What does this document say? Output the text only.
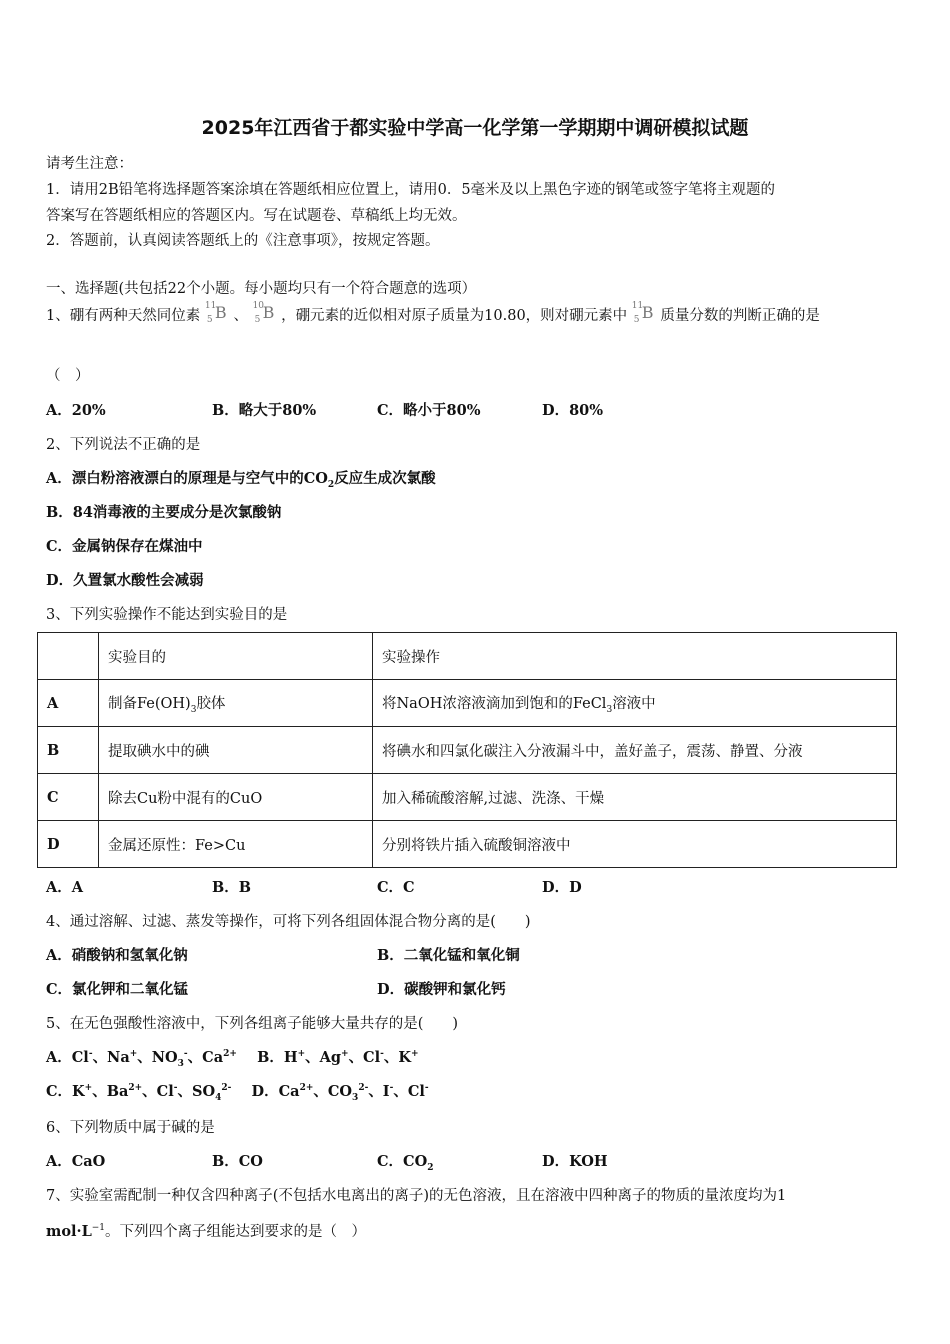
2025年江西省于都实验中学高一化学第一学期期中调研模拟试题
请考生注意：
1．请用2B铅笔将选择题答案涂填在答题纸相应位置上，请用0．5毫米及以上黑色字迹的钢笔或签字笔将主观题的
答案写在答题纸相应的答题区内。写在试题卷、草稿纸上均无效。
2．答题前，认真阅读答题纸上的《注意事项》，按规定答题。
一、选择题(共包括22个小题。每小题均只有一个符合题意的选项）
1、硼有两种天然同位素
11
5 B 、
10
5 B ，硼元素的近似相对原子质量为10.80，则对硼元素中
11
5 B 质量分数的判断正确的是
（　）
A．20%	B．略大于80%	C．略小于80%	D．80%
2、下列说法不正确的是
A．漂白粉溶液漂白的原理是与空气中的$CO_2$反应生成次氯酸
B．84消毒液的主要成分是次氯酸钠
C．金属钠保存在煤油中
D．久置氯水酸性会减弱
3、下列实验操作不能达到实验目的是
	实验目的	实验操作
A	制备$Fe(OH)_3$胶体	将NaOH浓溶液滴加到饱和的FeCl$_3$溶液中
B	提取碘水中的碘	将碘水和四氯化碳注入分液漏斗中，盖好盖子，震荡、静置、分液
C	除去Cu粉中混有的CuO	加入稀硫酸溶解,过滤、洗涤、干燥
D	金属还原性：Fe>Cu	分别将铁片插入硫酸铜溶液中
A．A	B．B	C．C	D．D
4、通过溶解、过滤、蒸发等操作，可将下列各组固体混合物分离的是(　　)
A．硝酸钠和氢氧化钠	B．二氧化锰和氧化铜
C．氯化钾和二氧化锰	D．碳酸钾和氯化钙
5、在无色强酸性溶液中，下列各组离子能够大量共存的是(　　)
A．Cl-、Na+、$NO_3^-$、$Ca^{2+}$    B．H+、Ag+、Cl-、K+
C．K+、$Ba^{2+}$、Cl-、$SO_4^{2-}$    D．$Ca^{2+}$、$CO_3^{2-}$、I-、Cl-
6、下列物质中属于碱的是
A．CaO	B．CO	C．$CO_2$	D．KOH
7、实验室需配制一种仅含四种离子(不包括水电离出的离子)的无色溶液，且在溶液中四种离子的物质的量浓度均为1
$mol\cdot L^{-1}$。下列四个离子组能达到要求的是（　）
